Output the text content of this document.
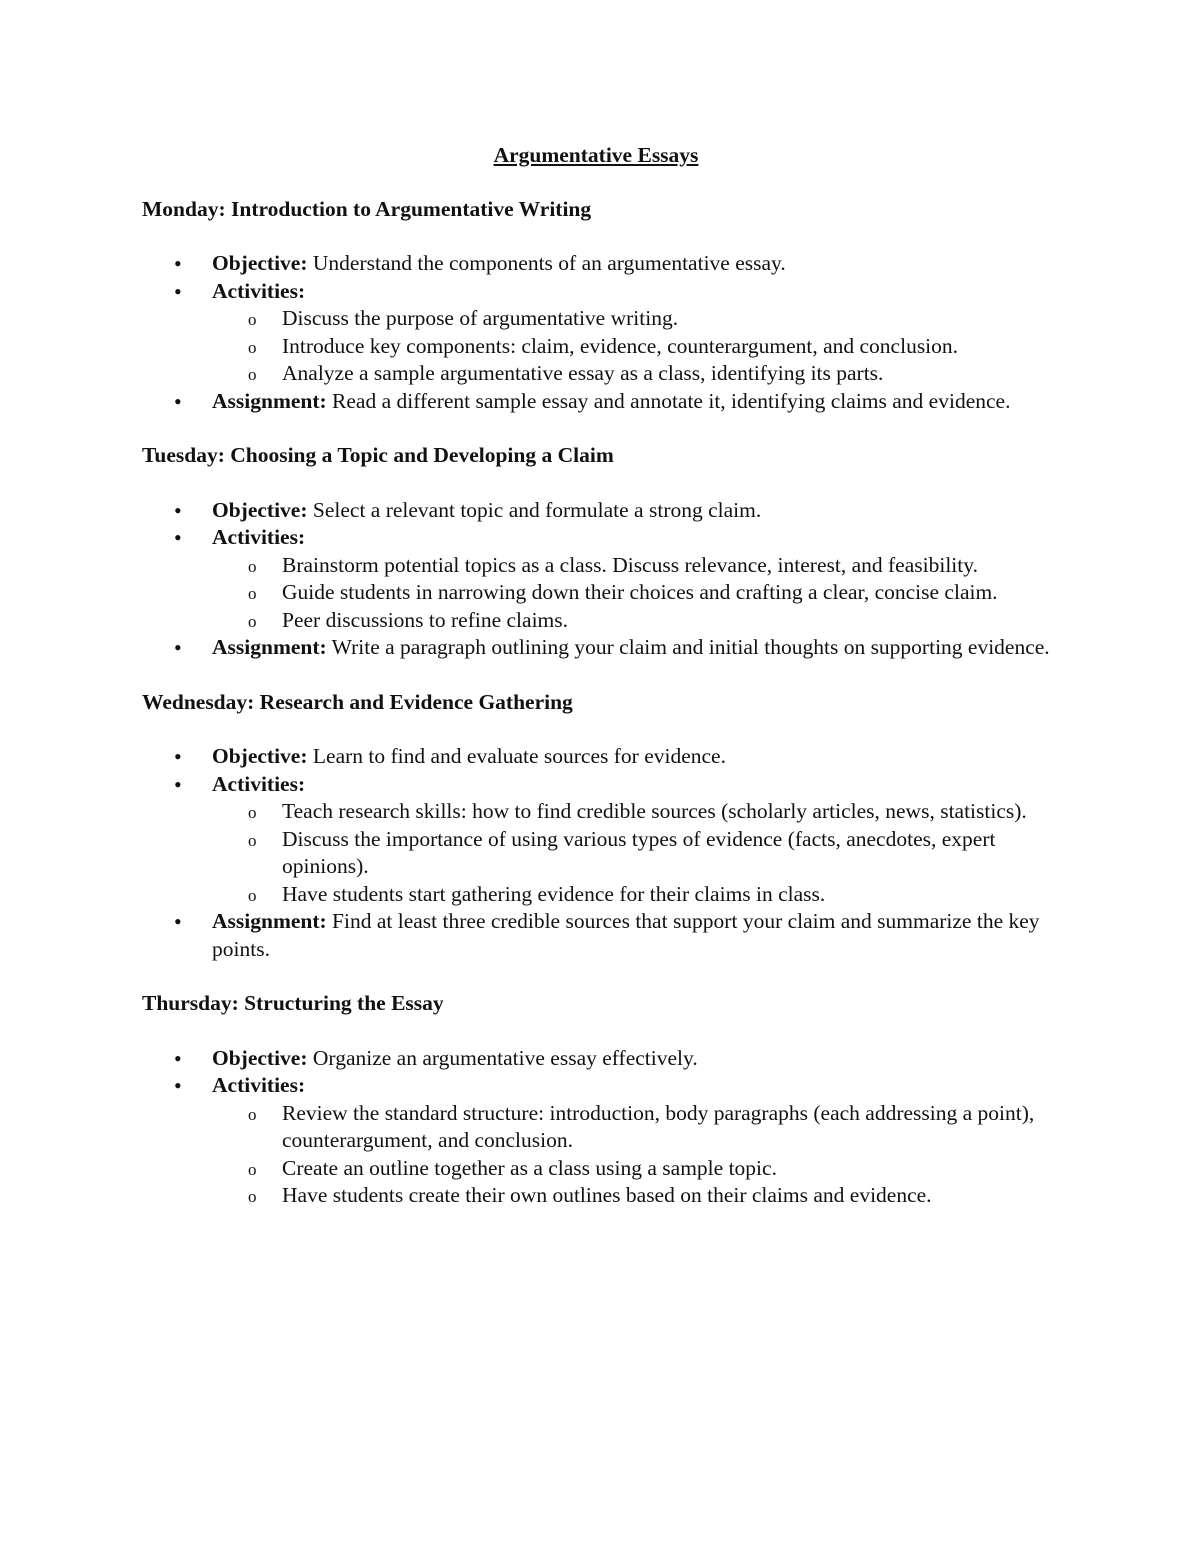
Argumentative Essays
Monday: Introduction to Argumentative Writing
• Objective: Understand the components of an argumentative essay.
• Activities:
o Discuss the purpose of argumentative writing.
o Introduce key components: claim, evidence, counterargument, and conclusion.
o Analyze a sample argumentative essay as a class, identifying its parts.
• Assignment: Read a different sample essay and annotate it, identifying claims and evidence.
Tuesday: Choosing a Topic and Developing a Claim
• Objective: Select a relevant topic and formulate a strong claim.
• Activities:
o Brainstorm potential topics as a class. Discuss relevance, interest, and feasibility.
o Guide students in narrowing down their choices and crafting a clear, concise claim.
o Peer discussions to refine claims.
• Assignment: Write a paragraph outlining your claim and initial thoughts on supporting evidence.
Wednesday: Research and Evidence Gathering
• Objective: Learn to find and evaluate sources for evidence.
• Activities:
o Teach research skills: how to find credible sources (scholarly articles, news, statistics).
o Discuss the importance of using various types of evidence (facts, anecdotes, expert opinions).
o Have students start gathering evidence for their claims in class.
• Assignment: Find at least three credible sources that support your claim and summarize the key points.
Thursday: Structuring the Essay
• Objective: Organize an argumentative essay effectively.
• Activities:
o Review the standard structure: introduction, body paragraphs (each addressing a point), counterargument, and conclusion.
o Create an outline together as a class using a sample topic.
o Have students create their own outlines based on their claims and evidence.
